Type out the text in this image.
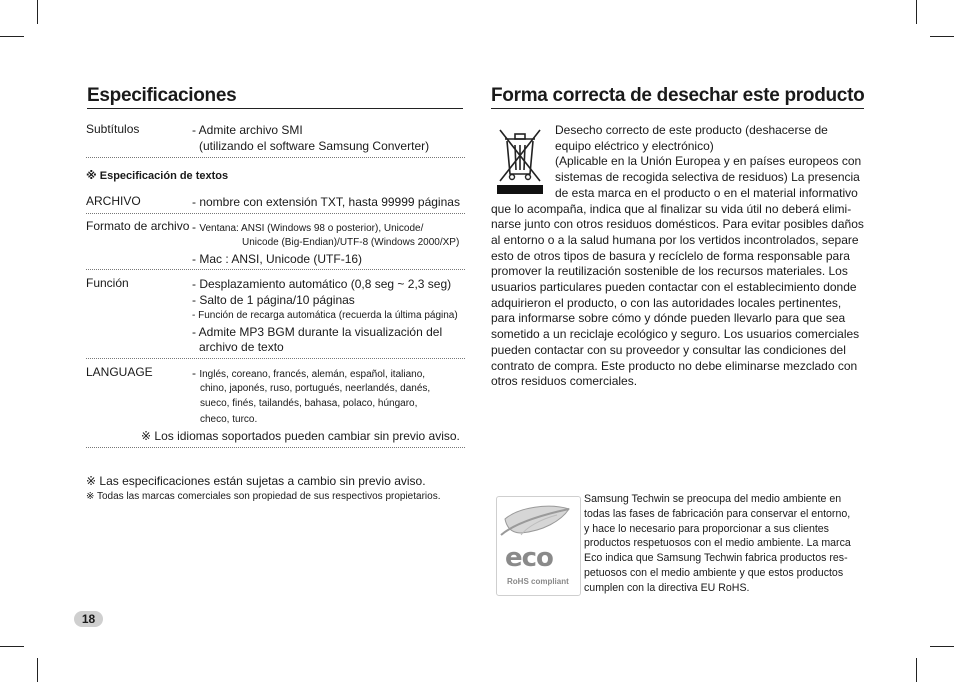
Especificaciones
Subtítulos	- Admite archivo SMI
(utilizando el software Samsung Converter)
※ Especificación de textos
ARCHIVO	- nombre con extensión TXT, hasta 99999 páginas
Formato de archivo - Ventana: ANSI (Windows 98 o posterior), Unicode/
Unicode (Big-Endian)/UTF-8 (Windows 2000/XP)
- Mac : ANSI, Unicode (UTF-16)
Función	- Desplazamiento automático (0,8 seg ~ 2,3 seg)
- Salto de 1 página/10 páginas
- Función de recarga automática (recuerda la última página)
- Admite MP3 BGM durante la visualización del
archivo de texto
LANGUAGE	- Inglés, coreano, francés, alemán, español, italiano,
chino, japonés, ruso, portugués, neerlandés, danés,
sueco, finés, tailandés, bahasa, polaco, húngaro,
checo, turco.
※ Los idiomas soportados pueden cambiar sin previo aviso.
※ Las especificaciones están sujetas a cambio sin previo aviso.
※ Todas las marcas comerciales son propiedad de sus respectivos propietarios.
18
Forma correcta de desechar este producto
Desecho correcto de este producto (deshacerse de
equipo eléctrico y electrónico)
(Aplicable en la Unión Europea y en países europeos con
sistemas de recogida selectiva de residuos) La presencia
de esta marca en el producto o en el material informativo
que lo acompaña, indica que al finalizar su vida útil no deberá elimi-
narse junto con otros residuos domésticos. Para evitar posibles daños
al entorno o a la salud humana por los vertidos incontrolados, separe
esto de otros tipos de basura y recíclelo de forma responsable para
promover la reutilización sostenible de los recursos materiales. Los
usuarios particulares pueden contactar con el establecimiento donde
adquirieron el producto, o con las autoridades locales pertinentes,
para informarse sobre cómo y dónde pueden llevarlo para que sea
sometido a un reciclaje ecológico y seguro. Los usuarios comerciales
pueden contactar con su proveedor y consultar las condiciones del
contrato de compra. Este producto no debe eliminarse mezclado con
otros residuos comerciales.
eco
RoHS compliant
Samsung Techwin se preocupa del medio ambiente en
todas las fases de fabricación para conservar el entorno,
y hace lo necesario para proporcionar a sus clientes
productos respetuosos con el medio ambiente. La marca
Eco indica que Samsung Techwin fabrica productos res-
petuosos con el medio ambiente y que estos productos
cumplen con la directiva EU RoHS.
